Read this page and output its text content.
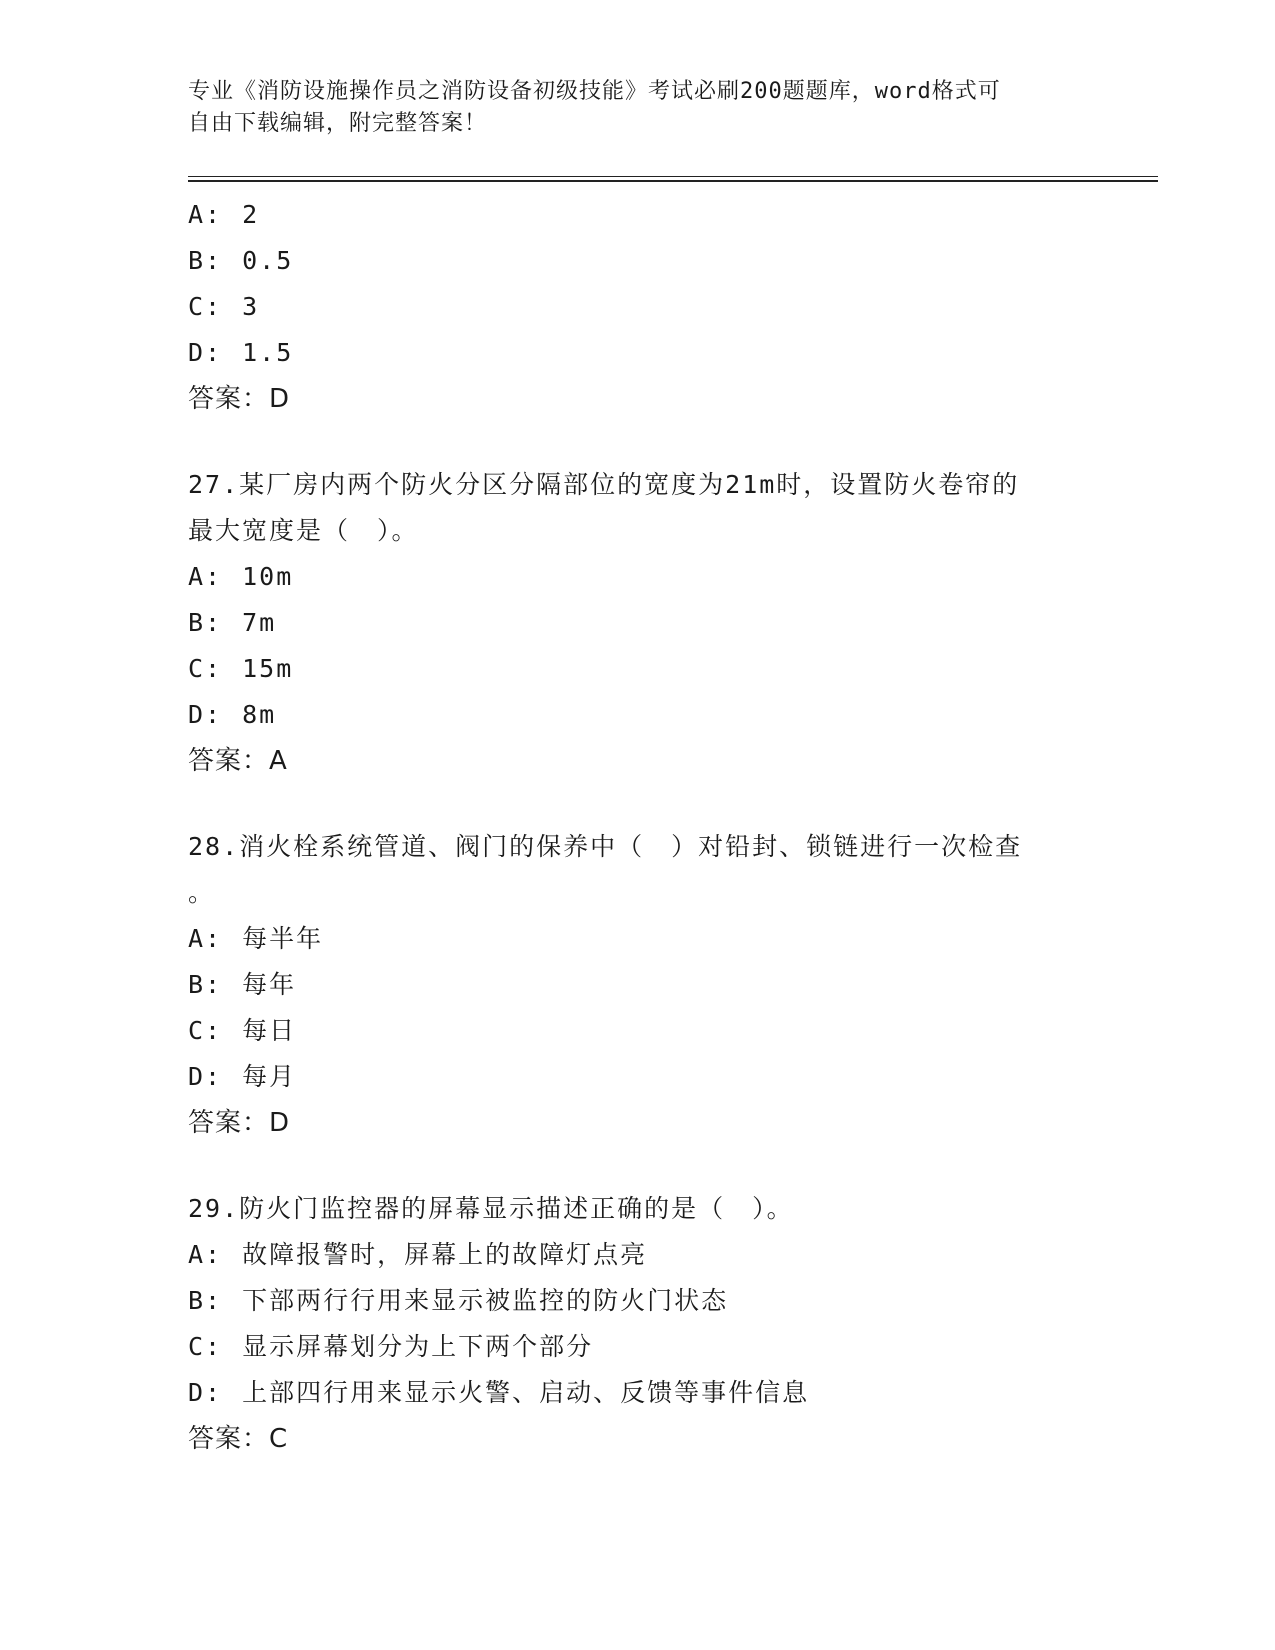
专业《消防设施操作员之消防设备初级技能》考试必刷200题题库，word格式可
自由下载编辑，附完整答案！
A: 2
B: 0.5
C: 3
D: 1.5
答案：D
27.某厂房内两个防火分区分隔部位的宽度为21m时，设置防火卷帘的
最大宽度是（　）。
A: 10m
B: 7m
C: 15m
D: 8m
答案：A
28.消火栓系统管道、阀门的保养中（　）对铅封、锁链进行一次检查
。
A: 每半年
B: 每年
C: 每日
D: 每月
答案：D
29.防火门监控器的屏幕显示描述正确的是（　）。
A: 故障报警时，屏幕上的故障灯点亮
B: 下部两行行用来显示被监控的防火门状态
C: 显示屏幕划分为上下两个部分
D: 上部四行用来显示火警、启动、反馈等事件信息
答案：C
